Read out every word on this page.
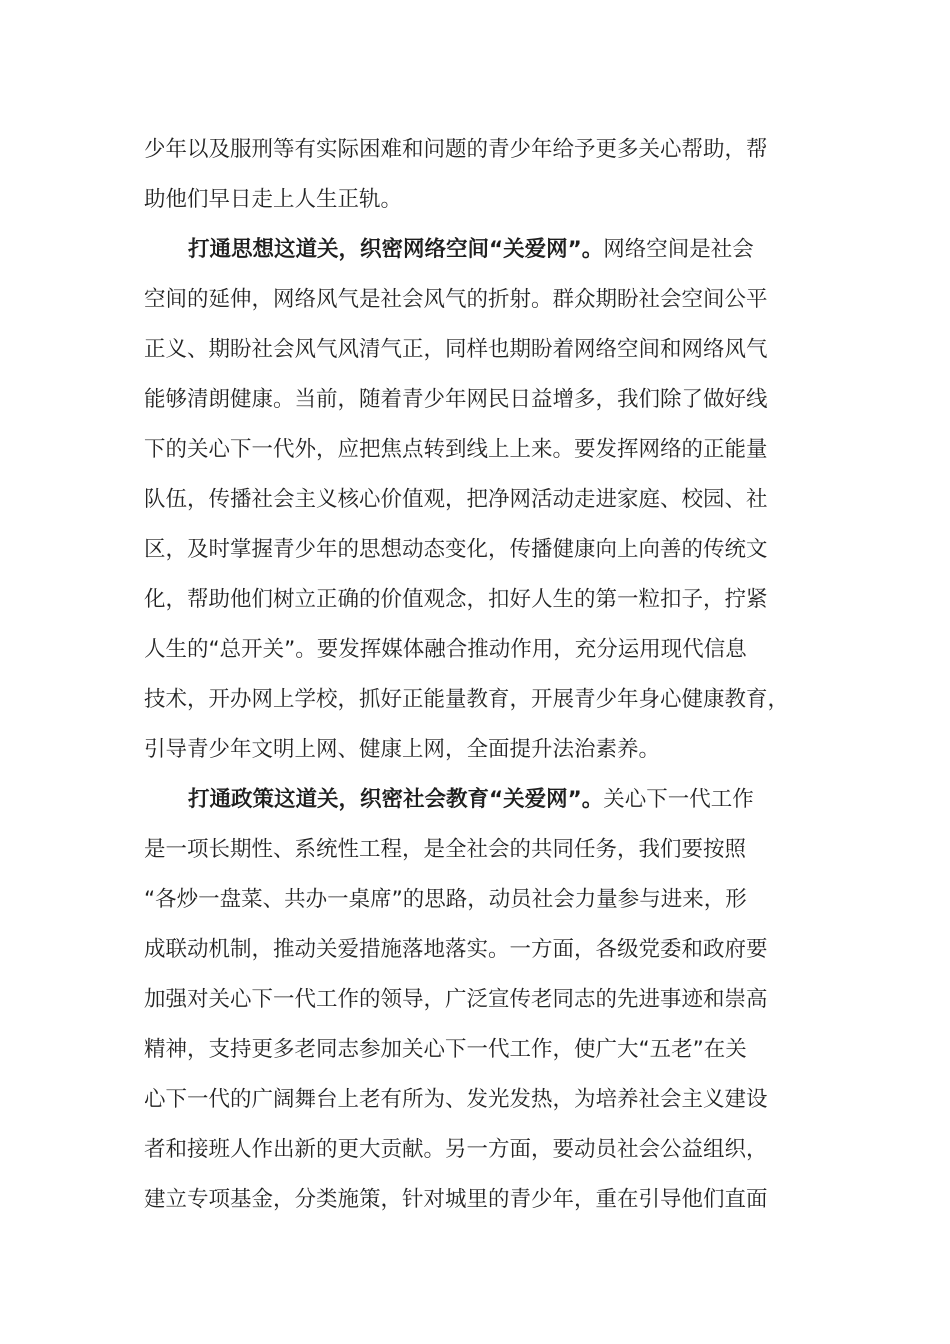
少年以及服刑等有实际困难和问题的青少年给予更多关心帮助，帮
助他们早日走上人生正轨。
打通思想这道关，织密网络空间“关爱网”。网络空间是社会
空间的延伸，网络风气是社会风气的折射。群众期盼社会空间公平
正义、期盼社会风气风清气正，同样也期盼着网络空间和网络风气
能够清朗健康。当前，随着青少年网民日益增多，我们除了做好线
下的关心下一代外，应把焦点转到线上上来。要发挥网络的正能量
队伍，传播社会主义核心价值观，把净网活动走进家庭、校园、社
区，及时掌握青少年的思想动态变化，传播健康向上向善的传统文
化，帮助他们树立正确的价值观念，扣好人生的第一粒扣子，拧紧
人生的“总开关”。要发挥媒体融合推动作用，充分运用现代信息
技术，开办网上学校，抓好正能量教育，开展青少年身心健康教育，
引导青少年文明上网、健康上网，全面提升法治素养。
打通政策这道关，织密社会教育“关爱网”。关心下一代工作
是一项长期性、系统性工程，是全社会的共同任务，我们要按照
“各炒一盘菜、共办一桌席”的思路，动员社会力量参与进来，形
成联动机制，推动关爱措施落地落实。一方面，各级党委和政府要
加强对关心下一代工作的领导，广泛宣传老同志的先进事迹和崇高
精神，支持更多老同志参加关心下一代工作，使广大“五老”在关
心下一代的广阔舞台上老有所为、发光发热，为培养社会主义建设
者和接班人作出新的更大贡献。另一方面，要动员社会公益组织，
建立专项基金，分类施策，针对城里的青少年，重在引导他们直面
